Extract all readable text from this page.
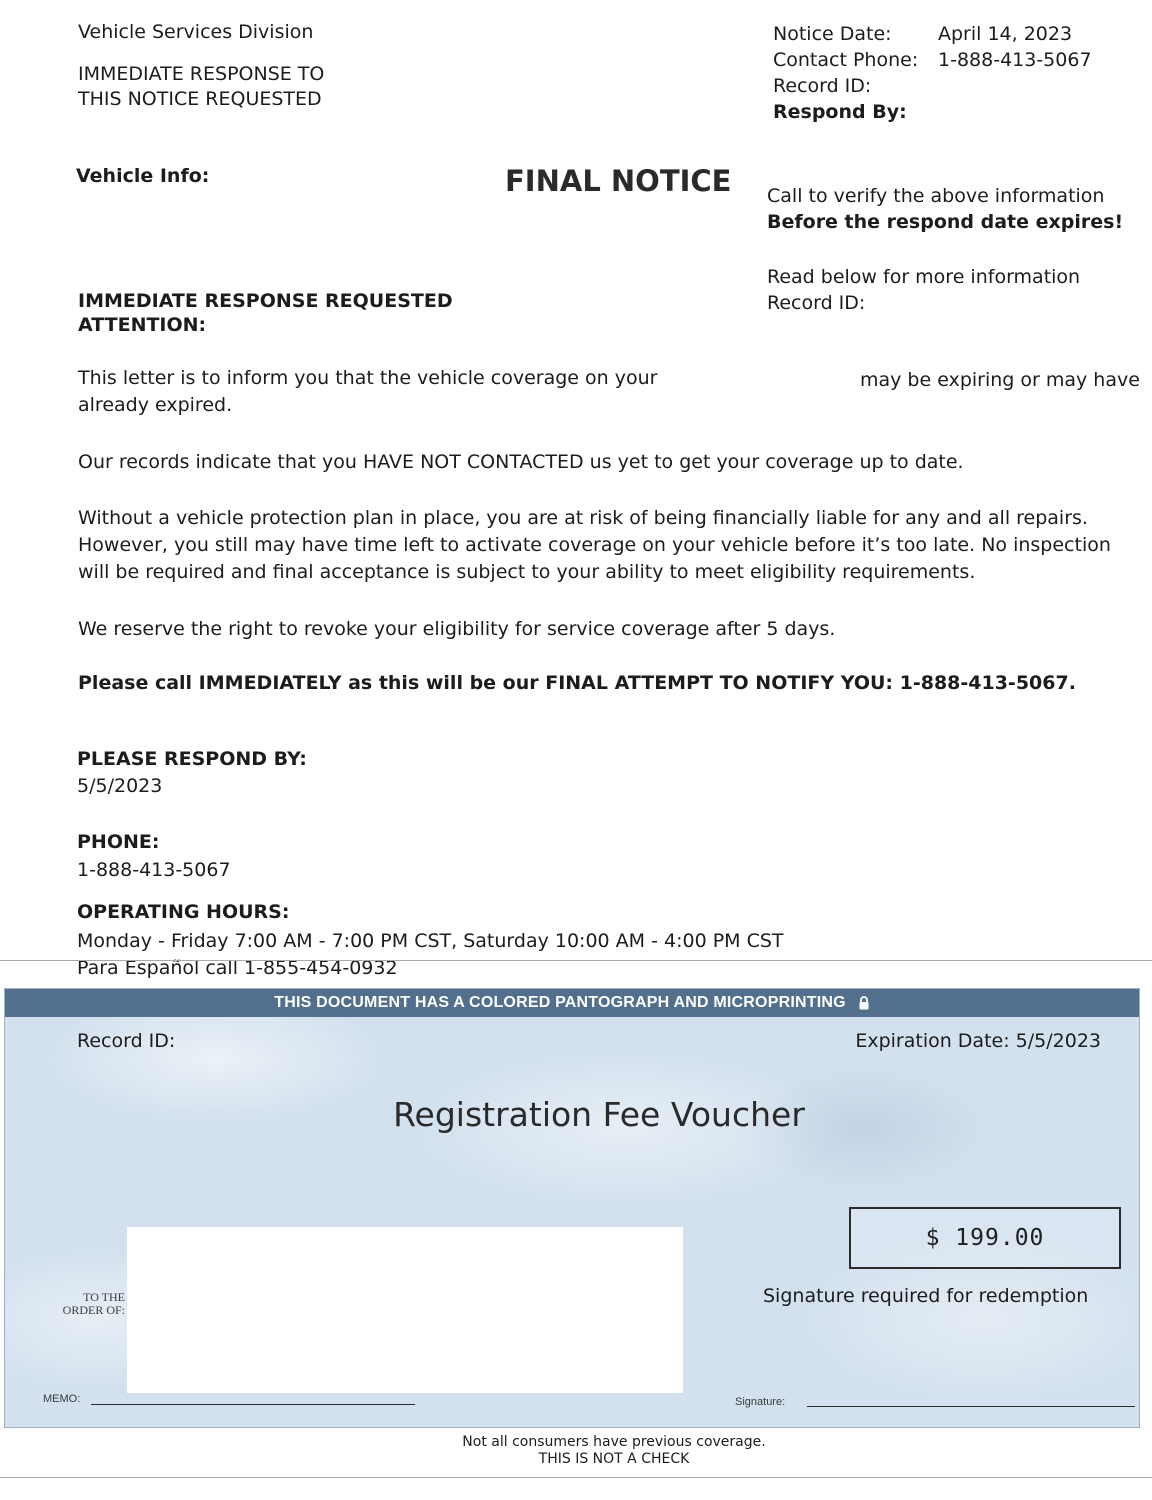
Vehicle Services Division
IMMEDIATE RESPONSE TO
THIS NOTICE REQUESTED
Notice Date:	April 14, 2023
Contact Phone:	1-888-413-5067
Record ID:
Respond By:
Vehicle Info:	FINAL NOTICE Call to verify the above information
Before the respond date expires!
Read below for more information
Record ID:
IMMEDIATE RESPONSE REQUESTED
ATTENTION:
This letter is to inform you that the vehicle coverage on your	may be expiring or may have
already expired.
Our records indicate that you HAVE NOT CONTACTED us yet to get your coverage up to date.
Without a vehicle protection plan in place, you are at risk of being financially liable for any and all repairs. However, you still may have time left to activate coverage on your vehicle before it’s too late. No inspection will be required and final acceptance is subject to your ability to meet eligibility requirements.
We reserve the right to revoke your eligibility for service coverage after 5 days.
Please call IMMEDIATELY as this will be our FINAL ATTEMPT TO NOTIFY YOU: 1-888-413-5067.
PLEASE RESPOND BY:
5/5/2023
PHONE:
1-888-413-5067
OPERATING HOURS:
Monday - Friday 7:00 AM - 7:00 PM CST, Saturday 10:00 AM - 4:00 PM CST
Para Español call 1-855-454-0932
THIS DOCUMENT HAS A COLORED PANTOGRAPH AND MICROPRINTING
Record ID:	Expiration Date: 5/5/2023
Registration Fee Voucher
$ 199.00
Signature required for redemption
TO THE
ORDER OF:
MEMO:	Signature:
Not all consumers have previous coverage.
THIS IS NOT A CHECK
